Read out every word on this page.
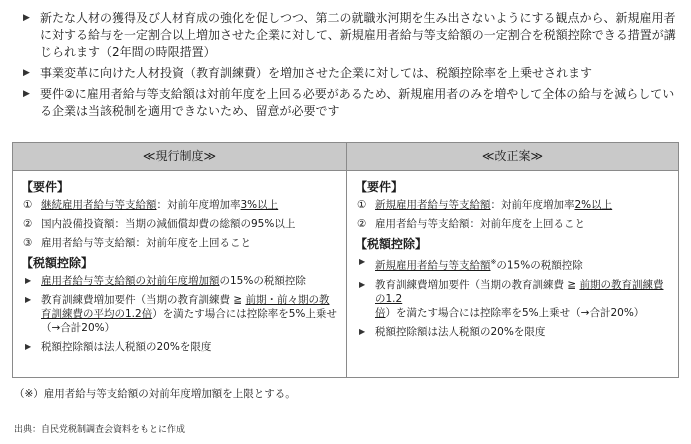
▶ 新たな人材の獲得及び人材育成の強化を促しつつ、第二の就職氷河期を生み出さないようにする観点から、新規雇用者に対する給与を一定割合以上増加させた企業に対して、新規雇用者給与等支給額の一定割合を税額控除できる措置が講じられます（2年間の時限措置）
▶ 事業変革に向けた人材投資（教育訓練費）を増加させた企業に対しては、税額控除率を上乗せされます
▶ 要件②に雇用者給与等支給額は対前年度を上回る必要があるため、新規雇用者のみを増やして全体の給与を減らしている企業は当該税制を適用できないため、留意が必要です
≪現行制度≫
【要件】
① 継続雇用者給与等支給額：対前年度増加率3%以上
② 国内設備投資額：当期の減価償却費の総額の95%以上
③ 雇用者給与等支給額：対前年度を上回ること
【税額控除】
▶ 雇用者給与等支給額の対前年度増加額の15%の税額控除
▶ 教育訓練費増加要件（当期の教育訓練費 ≧ 前期・前々期の教育訓練費の平均の1.2倍）を満たす場合には控除率を5%上乗せ（→合計20%）
▶ 税額控除額は法人税額の20%を限度
≪改正案≫
【要件】
① 新規雇用者給与等支給額：対前年度増加率2%以上
② 雇用者給与等支給額：対前年度を上回ること
【税額控除】
▶ 新規雇用者給与等支給額※の15%の税額控除
▶ 教育訓練費増加要件（当期の教育訓練費 ≧ 前期の教育訓練費の1.2倍）を満たす場合には控除率を5%上乗せ（→合計20%）
▶ 税額控除額は法人税額の20%を限度
（※）雇用者給与等支給額の対前年度増加額を上限とする。
出典：自民党税制調査会資料をもとに作成
